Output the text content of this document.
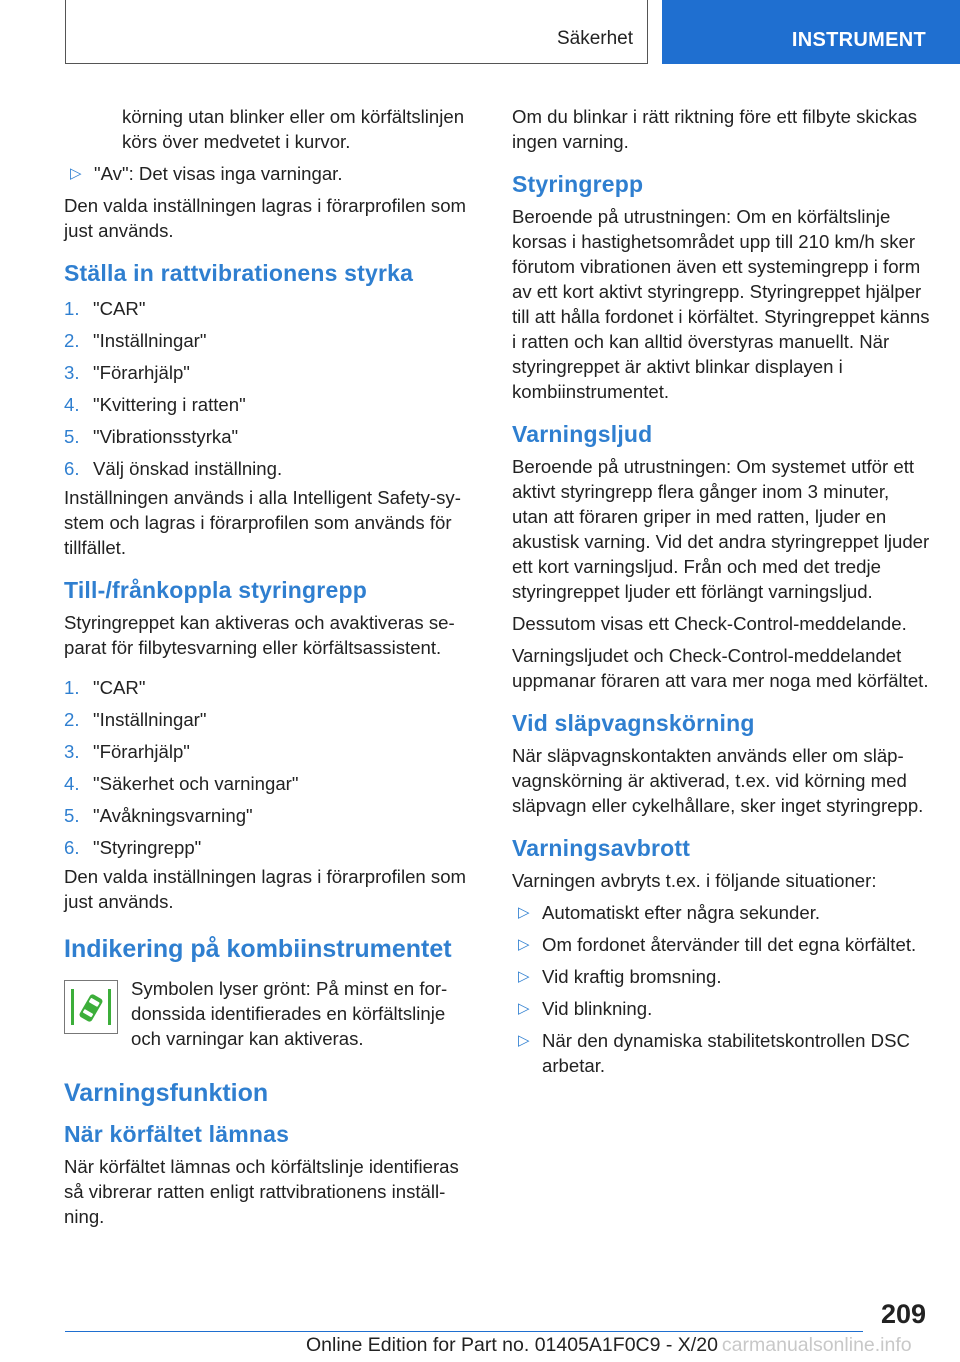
Säkerhet	INSTRUMENT

körning utan blinker eller om körfältslinjen körs över medvetet i kurvor.

▷ "Av": Det visas inga varningar.

Den valda inställningen lagras i förarprofilen som just används.

Ställa in rattvibrationens styrka
1. "CAR"
2. "Inställningar"
3. "Förarhjälp"
4. "Kvittering i ratten"
5. "Vibrationsstyrka"
6. Välj önskad inställning.

Inställningen används i alla Intelligent Safety-system och lagras i förarprofilen som används för tillfället.

Till-/frånkoppla styringrepp

Styringreppet kan aktiveras och avaktiveras separat för filbytesvarning eller körfältsassistent.

1. "CAR"
2. "Inställningar"
3. "Förarhjälp"
4. "Säkerhet och varningar"
5. "Avåkningsvarning"
6. "Styringrepp"

Den valda inställningen lagras i förarprofilen som just används.

Indikering på kombiinstrumentet

Symbolen lyser grönt: På minst en fordonssida identifierades en körfältslinje och varningar kan aktiveras.

Varningsfunktion
När körfältet lämnas

När körfältet lämnas och körfältslinje identifieras så vibrerar ratten enligt rattvibrationens inställning.

Om du blinkar i rätt riktning före ett filbyte skickas ingen varning.

Styringrepp

Beroende på utrustningen: Om en körfältslinje korsas i hastighetsområdet upp till 210 km/h sker förutom vibrationen även ett systemingrepp i form av ett kort aktivt styringrepp. Styringreppet hjälper till att hålla fordonet i körfältet. Styringreppet känns i ratten och kan alltid överstyras manuellt. När styringreppet är aktivt blinkar displayen i kombiinstrumentet.

Varningsljud

Beroende på utrustningen: Om systemet utför ett aktivt styringrepp flera gånger inom 3 minuter, utan att föraren griper in med ratten, ljuder en akustisk varning. Vid det andra styringreppet ljuder ett kort varningsljud. Från och med det tredje styringreppet ljuder ett förlängt varningsljud.

Dessutom visas ett Check-Control-meddelande.

Varningsljudet och Check-Control-meddelandet uppmanar föraren att vara mer noga med körfältet.

Vid släpvagnskörning

När släpvagnskontakten används eller om släpvagnskörning är aktiverad, t.ex. vid körning med släpvagn eller cykelhållare, sker inget styringrepp.

Varningsavbrott

Varningen avbryts t.ex. i följande situationer:

▷ Automatiskt efter några sekunder.
▷ Om fordonet återvänder till det egna körfältet.
▷ Vid kraftig bromsning.
▷ Vid blinkning.
▷ När den dynamiska stabilitetskontrollen DSC arbetar.
209
Online Edition for Part no. 01405A1F0C9 - X/20 carmanualsonline.info
